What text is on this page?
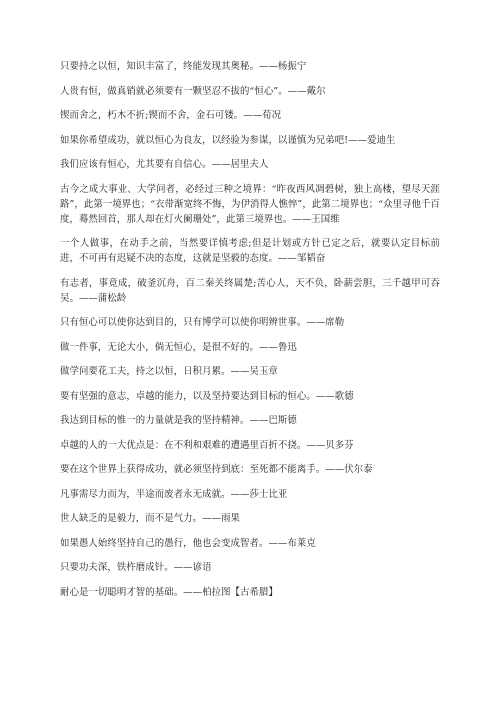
只要持之以恒，知识丰富了，终能发现其奥秘。——杨振宁

人贵有恒，做真销就必须要有一颗坚忍不拔的“恒心”。——戴尔

锲而舍之，朽木不折;锲而不舍，金石可镂。——荀况

如果你希望成功，就以恒心为良友，以经验为参谋，以谨慎为兄弟吧!——爱迪生

我们应该有恒心，尤其要有自信心。——居里夫人

古今之成大事业、大学问者，必经过三种之境界：“昨夜西风凋碧树，独上高楼，望尽天涯路”，此第一境界也；“衣带渐宽终不悔，为伊消得人憔悴”，此第二境界也；“众里寻他千百度，蓦然回首，那人却在灯火阑珊处”，此第三境界也。——王国维

一个人做事，在动手之前，当然要详慎考虑;但是计划或方针已定之后，就要认定目标前进，不可再有迟疑不决的态度，这就是坚毅的态度。——邹韬奋

有志者，事竟成，破釜沉舟，百二秦关终属楚;苦心人，天不负，卧薪尝胆，三千越甲可吞吴。——蒲松龄

只有恒心可以使你达到目的，只有博学可以使你明辨世事。——席勒

做一件事，无论大小，倘无恒心，是很不好的。——鲁迅

做学问要花工夫，持之以恒，日积月累。——吴玉章

要有坚强的意志，卓越的能力，以及坚持要达到目标的恒心。——歌德

我达到目标的惟一的力量就是我的坚持精神。——巴斯德

卓越的人的一大优点是：在不利和艰难的遭遇里百折不挠。——贝多芬

要在这个世界上获得成功，就必须坚持到底：至死都不能离手。——伏尔泰

凡事需尽力而为，半途而废者永无成就。——莎士比亚

世人缺乏的是毅力，而不是气力。——雨果

如果愚人始终坚持自己的愚行，他也会变成智者。——布莱克

只要功夫深，铁杵磨成针。——谚语

耐心是一切聪明才智的基础。——柏拉图【古希腊】
